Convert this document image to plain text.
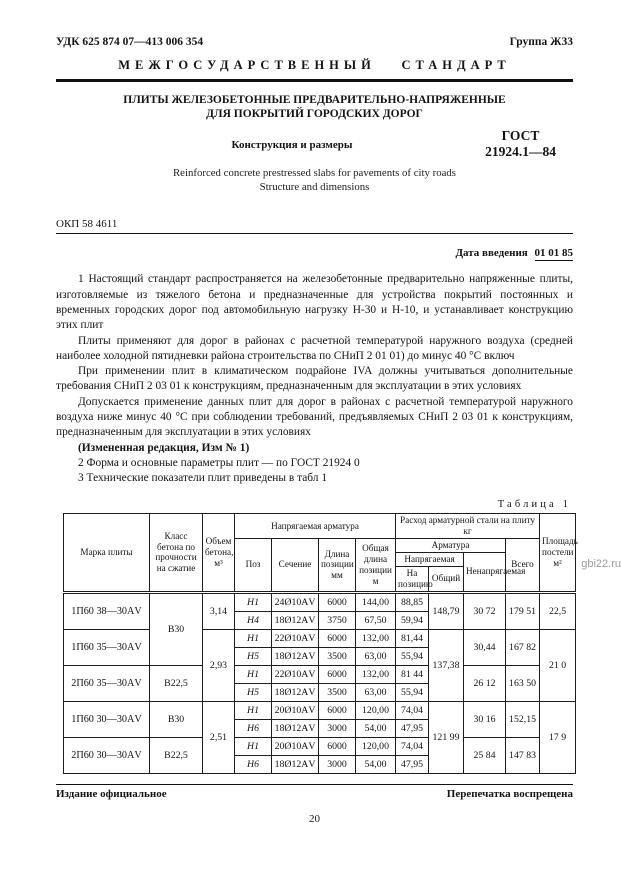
УДК 625 874 07—413 006 354	Группа Ж33
МЕЖГОСУДАРСТВЕННЫЙ СТАНДАРТ
ПЛИТЫ ЖЕЛЕЗОБЕТОННЫЕ ПРЕДВАРИТЕЛЬНО-НАПРЯЖЕННЫЕ
ДЛЯ ПОКРЫТИЙ ГОРОДСКИХ ДОРОГ
Конструкция и размеры
ГОСТ
21924.1—84
Reinforced concrete prestressed slabs for pavements of city roads
Structure and dimensions
ОКП 58 4611
Дата введения 01 01 85

1 Настоящий стандарт распространяется на железобетонные предварительно напряженные плиты, изготовляемые из тяжелого бетона и предназначенные для устройства покрытий постоянных и временных городских дорог под автомобильную нагрузку Н-30 и Н-10, и устанавливает конструкцию этих плит

Плиты применяют для дорог в районах с расчетной температурой наружного воздуха (средней наиболее холодной пятидневки района строительства по СНиП 2 01 01) до минус 40 °С включ

При применении плит в климатическом подрайоне IVA должны учитываться дополнительные требования СНиП 2 03 01 к конструкциям, предназначенным для эксплуатации в этих условиях

Допускается применение данных плит для дорог в районах с расчетной температурой наружного воздуха ниже минус 40 °С при соблюдении требований, предъявляемых СНиП 2 03 01 к конструкциям, предназначенным для эксплуатации в этих условиях

(Измененная редакция, Изм № 1)

2 Форма и основные параметры плит — по ГОСТ 21924 0

3 Технические показатели плит приведены в табл 1

Таблица 1
Марка плиты	Класс бетона по прочности на сжатие	Объем бетона, м³	Напрягаемая арматура				Расход арматурной стали на плиту кг				Площадь постели м²
			Поз	Сечение	Длина позиции мм	Общая длина позиции м	Арматура			Всего	
							Напрягаемая		Ненапрягаемая		
							На позицию	Общий			
1П60 38—30АV	В30	3,14	Н1	24Ø10АV	6000	144,00	88,85	148,79	30 72	179 51	22,5
			Н4	18Ø12АV	3750	67,50	59,94				
1П60 35—30АV		2,93	Н1	22Ø10АV	6000	132,00	81,44	137,38	30,44	167 82	21 0
			Н5	18Ø12АV	3500	63,00	55,94				
2П60 35—30АV	В22,5		Н1	22Ø10АV	6000	132,00	81 44		26 12	163 50	
			Н5	18Ø12АV	3500	63,00	55,94				
1П60 30—30АV	В30	2,51	Н1	20Ø10АV	6000	120,00	74,04	121 99	30 16	152,15	17 9
			Н6	18Ø12АV	3000	54,00	47,95				
2П60 30—30АV	В22,5		Н1	20Ø10АV	6000	120,00	74,04		25 84	147 83	
			Н6	18Ø12АV	3000	54,00	47,95				
Издание официальное	Перепечатка воспрещена
20
gbi22.ru
